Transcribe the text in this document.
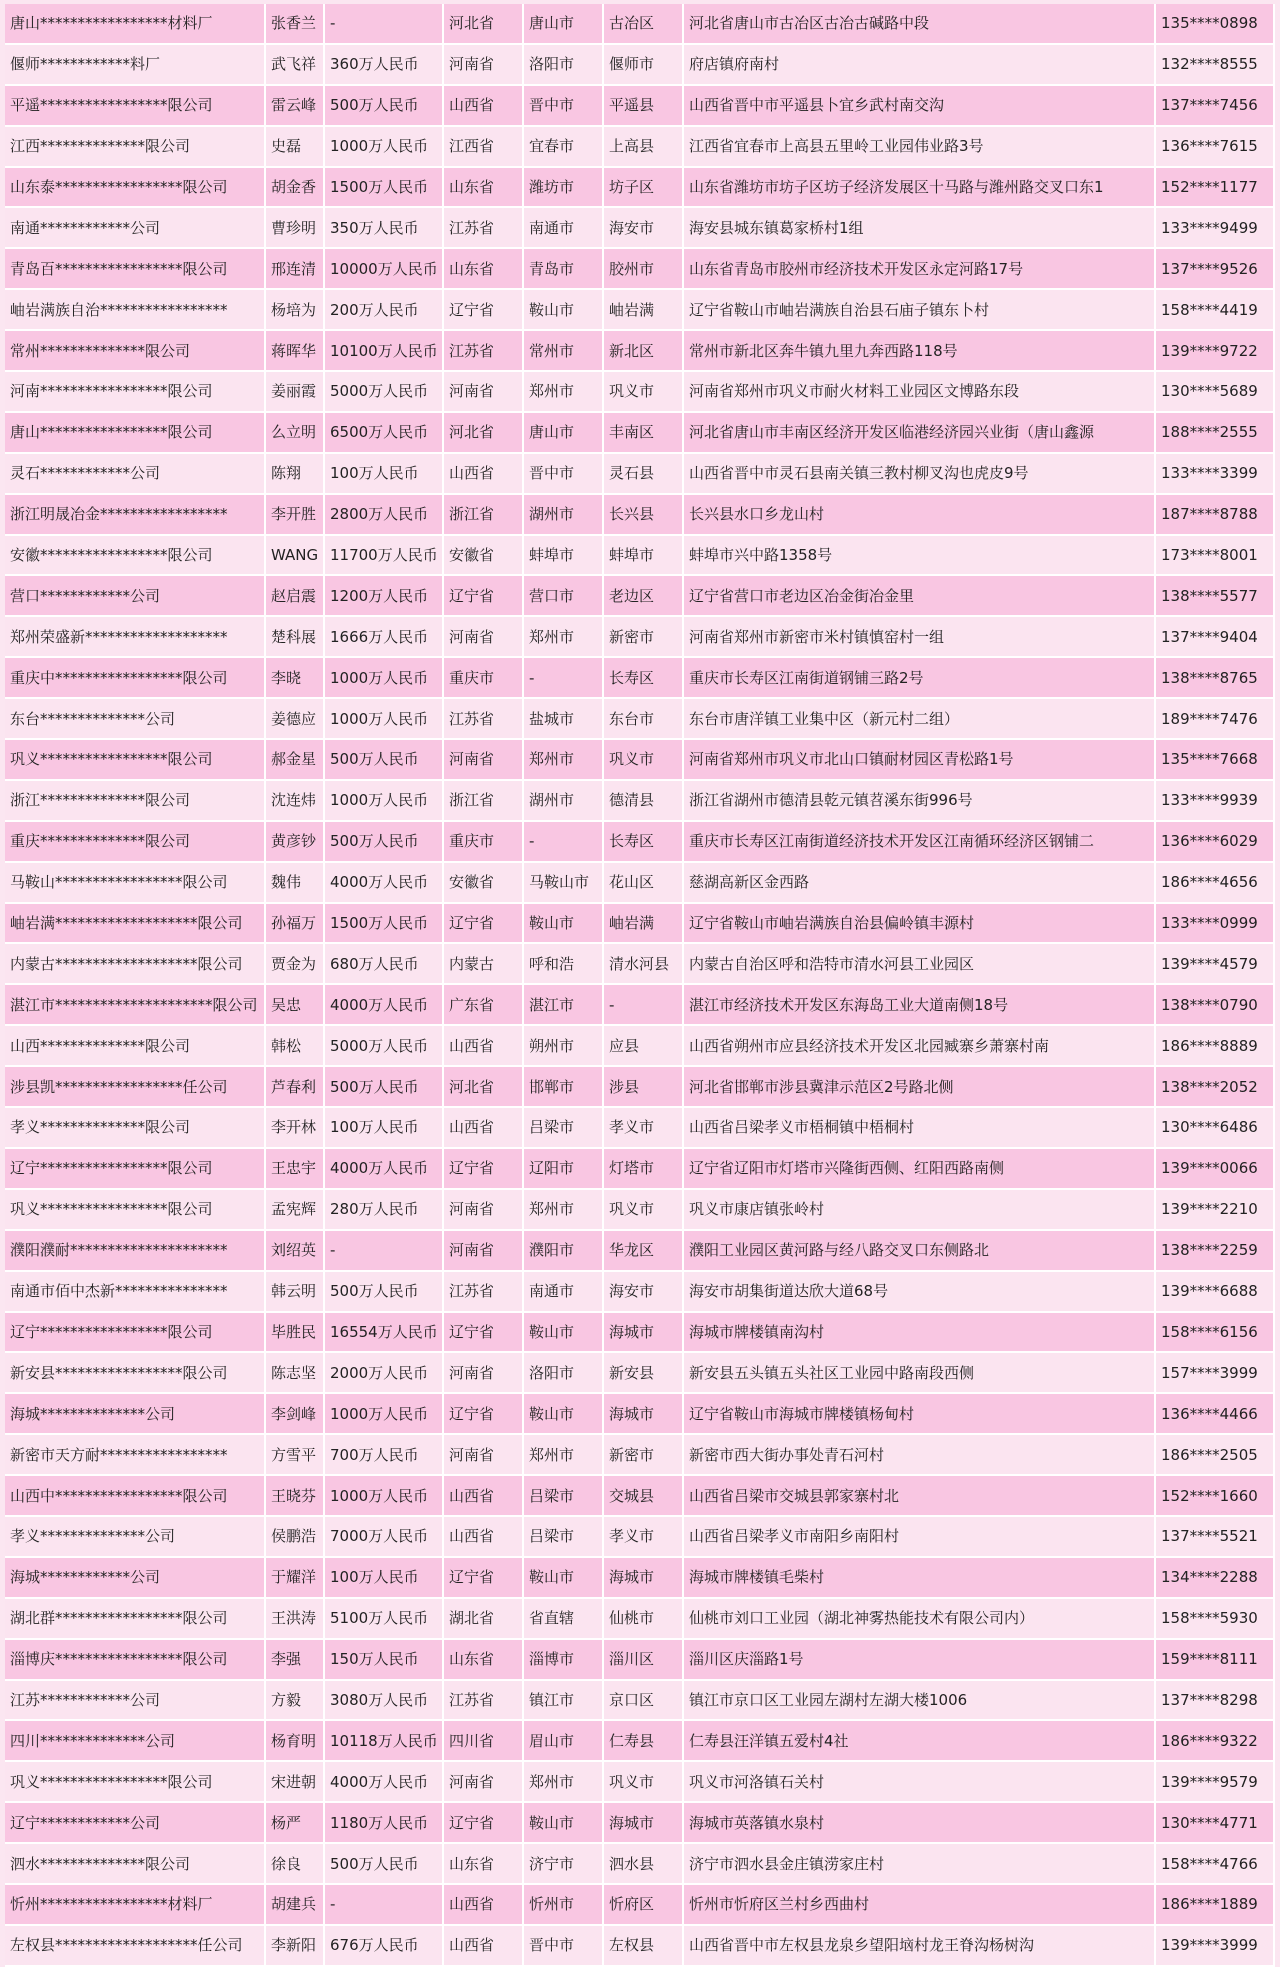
唐山*****************材料厂	张香兰	-	河北省	唐山市	古冶区	河北省唐山市古冶区古冶古碱路中段	135****0898
偃师************料厂	武飞祥	360万人民币	河南省	洛阳市	偃师市	府店镇府南村	132****8555
平遥*****************限公司	雷云峰	500万人民币	山西省	晋中市	平遥县	山西省晋中市平遥县卜宜乡武村南交沟	137****7456
江西**************限公司	史磊	1000万人民币	江西省	宜春市	上高县	江西省宜春市上高县五里岭工业园伟业路3号	136****7615
山东泰*****************限公司	胡金香	1500万人民币	山东省	潍坊市	坊子区	山东省潍坊市坊子区坊子经济发展区十马路与潍州路交叉口东1	152****1177
南通************公司	曹珍明	350万人民币	江苏省	南通市	海安市	海安县城东镇葛家桥村1组	133****9499
青岛百*****************限公司	邢连清	10000万人民币	山东省	青岛市	胶州市	山东省青岛市胶州市经济技术开发区永定河路17号	137****9526
岫岩满族自治*****************	杨培为	200万人民币	辽宁省	鞍山市	岫岩满	辽宁省鞍山市岫岩满族自治县石庙子镇东卜村	158****4419
常州**************限公司	蒋晖华	10100万人民币	江苏省	常州市	新北区	常州市新北区奔牛镇九里九奔西路118号	139****9722
河南*****************限公司	姜丽霞	5000万人民币	河南省	郑州市	巩义市	河南省郑州市巩义市耐火材料工业园区文博路东段	130****5689
唐山*****************限公司	么立明	6500万人民币	河北省	唐山市	丰南区	河北省唐山市丰南区经济开发区临港经济园兴业街（唐山鑫源	188****2555
灵石************公司	陈翔	100万人民币	山西省	晋中市	灵石县	山西省晋中市灵石县南关镇三教村柳叉沟也虎皮9号	133****3399
浙江明晟冶金*****************	李开胜	2800万人民币	浙江省	湖州市	长兴县	长兴县水口乡龙山村	187****8788
安徽*****************限公司	WANG	11700万人民币	安徽省	蚌埠市	蚌埠市	蚌埠市兴中路1358号	173****8001
营口************公司	赵启震	1200万人民币	辽宁省	营口市	老边区	辽宁省营口市老边区冶金街冶金里	138****5577
郑州荣盛新*******************	楚科展	1666万人民币	河南省	郑州市	新密市	河南省郑州市新密市米村镇慎窑村一组	137****9404
重庆中*****************限公司	李晓	1000万人民币	重庆市	-	长寿区	重庆市长寿区江南街道钢铺三路2号	138****8765
东台**************公司	姜德应	1000万人民币	江苏省	盐城市	东台市	东台市唐洋镇工业集中区（新元村二组）	189****7476
巩义*****************限公司	郝金星	500万人民币	河南省	郑州市	巩义市	河南省郑州市巩义市北山口镇耐材园区青松路1号	135****7668
浙江**************限公司	沈连炜	1000万人民币	浙江省	湖州市	德清县	浙江省湖州市德清县乾元镇苕溪东街996号	133****9939
重庆**************限公司	黄彦钞	500万人民币	重庆市	-	长寿区	重庆市长寿区江南街道经济技术开发区江南循环经济区钢铺二	136****6029
马鞍山*****************限公司	魏伟	4000万人民币	安徽省	马鞍山市	花山区	慈湖高新区金西路	186****4656
岫岩满*******************限公司	孙福万	1500万人民币	辽宁省	鞍山市	岫岩满	辽宁省鞍山市岫岩满族自治县偏岭镇丰源村	133****0999
内蒙古*******************限公司	贾金为	680万人民币	内蒙古	呼和浩	清水河县	内蒙古自治区呼和浩特市清水河县工业园区	139****4579
湛江市*********************限公司	吴忠	4000万人民币	广东省	湛江市	-	湛江市经济技术开发区东海岛工业大道南侧18号	138****0790
山西**************限公司	韩松	5000万人民币	山西省	朔州市	应县	山西省朔州市应县经济技术开发区北园臧寨乡萧寨村南	186****8889
涉县凯*****************任公司	芦春利	500万人民币	河北省	邯郸市	涉县	河北省邯郸市涉县冀津示范区2号路北侧	138****2052
孝义**************限公司	李开林	100万人民币	山西省	吕梁市	孝义市	山西省吕梁孝义市梧桐镇中梧桐村	130****6486
辽宁*****************限公司	王忠宇	4000万人民币	辽宁省	辽阳市	灯塔市	辽宁省辽阳市灯塔市兴隆街西侧、红阳西路南侧	139****0066
巩义*****************限公司	孟宪辉	280万人民币	河南省	郑州市	巩义市	巩义市康店镇张岭村	139****2210
濮阳濮耐*********************	刘绍英	-	河南省	濮阳市	华龙区	濮阳工业园区黄河路与经八路交叉口东侧路北	138****2259
南通市佰中杰新***************	韩云明	500万人民币	江苏省	南通市	海安市	海安市胡集街道达欣大道68号	139****6688
辽宁*****************限公司	毕胜民	16554万人民币	辽宁省	鞍山市	海城市	海城市牌楼镇南沟村	158****6156
新安县*****************限公司	陈志坚	2000万人民币	河南省	洛阳市	新安县	新安县五头镇五头社区工业园中路南段西侧	157****3999
海城**************公司	李剑峰	1000万人民币	辽宁省	鞍山市	海城市	辽宁省鞍山市海城市牌楼镇杨甸村	136****4466
新密市天方耐*****************	方雪平	700万人民币	河南省	郑州市	新密市	新密市西大街办事处青石河村	186****2505
山西中*****************限公司	王晓芬	1000万人民币	山西省	吕梁市	交城县	山西省吕梁市交城县郭家寨村北	152****1660
孝义**************公司	侯鹏浩	7000万人民币	山西省	吕梁市	孝义市	山西省吕梁孝义市南阳乡南阳村	137****5521
海城************公司	于耀洋	100万人民币	辽宁省	鞍山市	海城市	海城市牌楼镇毛柴村	134****2288
湖北群*****************限公司	王洪涛	5100万人民币	湖北省	省直辖	仙桃市	仙桃市刘口工业园（湖北神雾热能技术有限公司内）	158****5930
淄博庆*****************限公司	李强	150万人民币	山东省	淄博市	淄川区	淄川区庆淄路1号	159****8111
江苏************公司	方毅	3080万人民币	江苏省	镇江市	京口区	镇江市京口区工业园左湖村左湖大楼1006	137****8298
四川**************公司	杨育明	10118万人民币	四川省	眉山市	仁寿县	仁寿县汪洋镇五爱村4社	186****9322
巩义*****************限公司	宋进朝	4000万人民币	河南省	郑州市	巩义市	巩义市河洛镇石关村	139****9579
辽宁************公司	杨严	1180万人民币	辽宁省	鞍山市	海城市	海城市英落镇水泉村	130****4771
泗水**************限公司	徐良	500万人民币	山东省	济宁市	泗水县	济宁市泗水县金庄镇涝家庄村	158****4766
忻州*****************材料厂	胡建兵	-	山西省	忻州市	忻府区	忻州市忻府区兰村乡西曲村	186****1889
左权县*******************任公司	李新阳	676万人民币	山西省	晋中市	左权县	山西省晋中市左权县龙泉乡望阳垴村龙王脊沟杨树沟	139****3999
